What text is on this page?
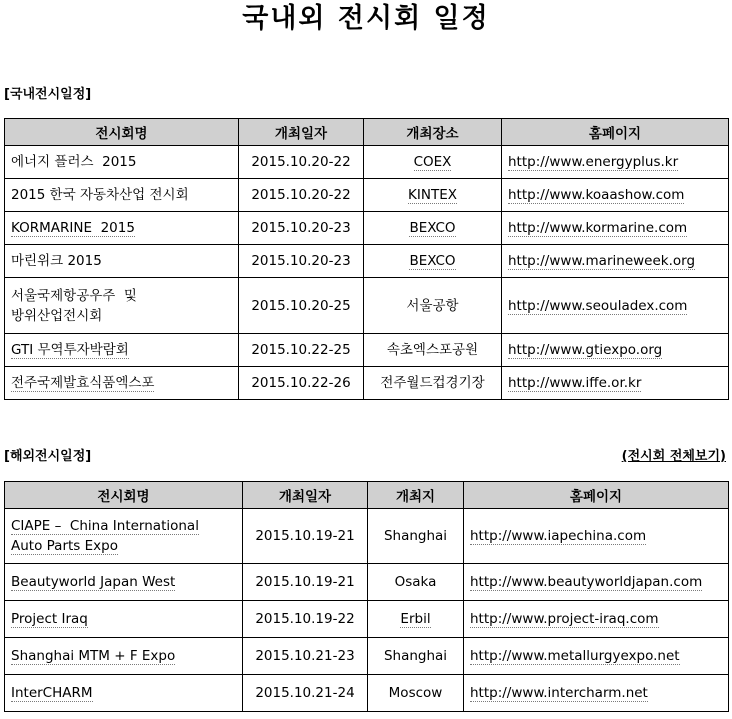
국내외 전시회 일정
[국내전시일정]
전시회명	개최일자	개최장소	홈페이지
에너지 플러스  2015	2015.10.20-22	COEX	http://www.energyplus.kr
2015 한국 자동차산업 전시회	2015.10.20-22	KINTEX	http://www.koaashow.com
KORMARINE  2015	2015.10.20-23	BEXCO	http://www.kormarine.com
마린위크 2015	2015.10.20-23	BEXCO	http://www.marineweek.org
서울국제항공우주  및
방위산업전시회	2015.10.20-25	서울공항	http://www.seouladex.com
GTI 무역투자박람회	2015.10.22-25	속초엑스포공원	http://www.gtiexpo.org
전주국제발효식품엑스포	2015.10.22-26	전주월드컵경기장	http://www.iffe.or.kr
[해외전시일정]	(전시회 전체보기)
전시회명	개최일자	개최지	홈페이지
CIAPE –  China International
Auto Parts Expo	2015.10.19-21	Shanghai	http://www.iapechina.com
Beautyworld Japan West	2015.10.19-21	Osaka	http://www.beautyworldjapan.com
Project Iraq	2015.10.19-22	Erbil	http://www.project-iraq.com
Shanghai MTM + F Expo	2015.10.21-23	Shanghai	http://www.metallurgyexpo.net
InterCHARM	2015.10.21-24	Moscow	http://www.intercharm.net
